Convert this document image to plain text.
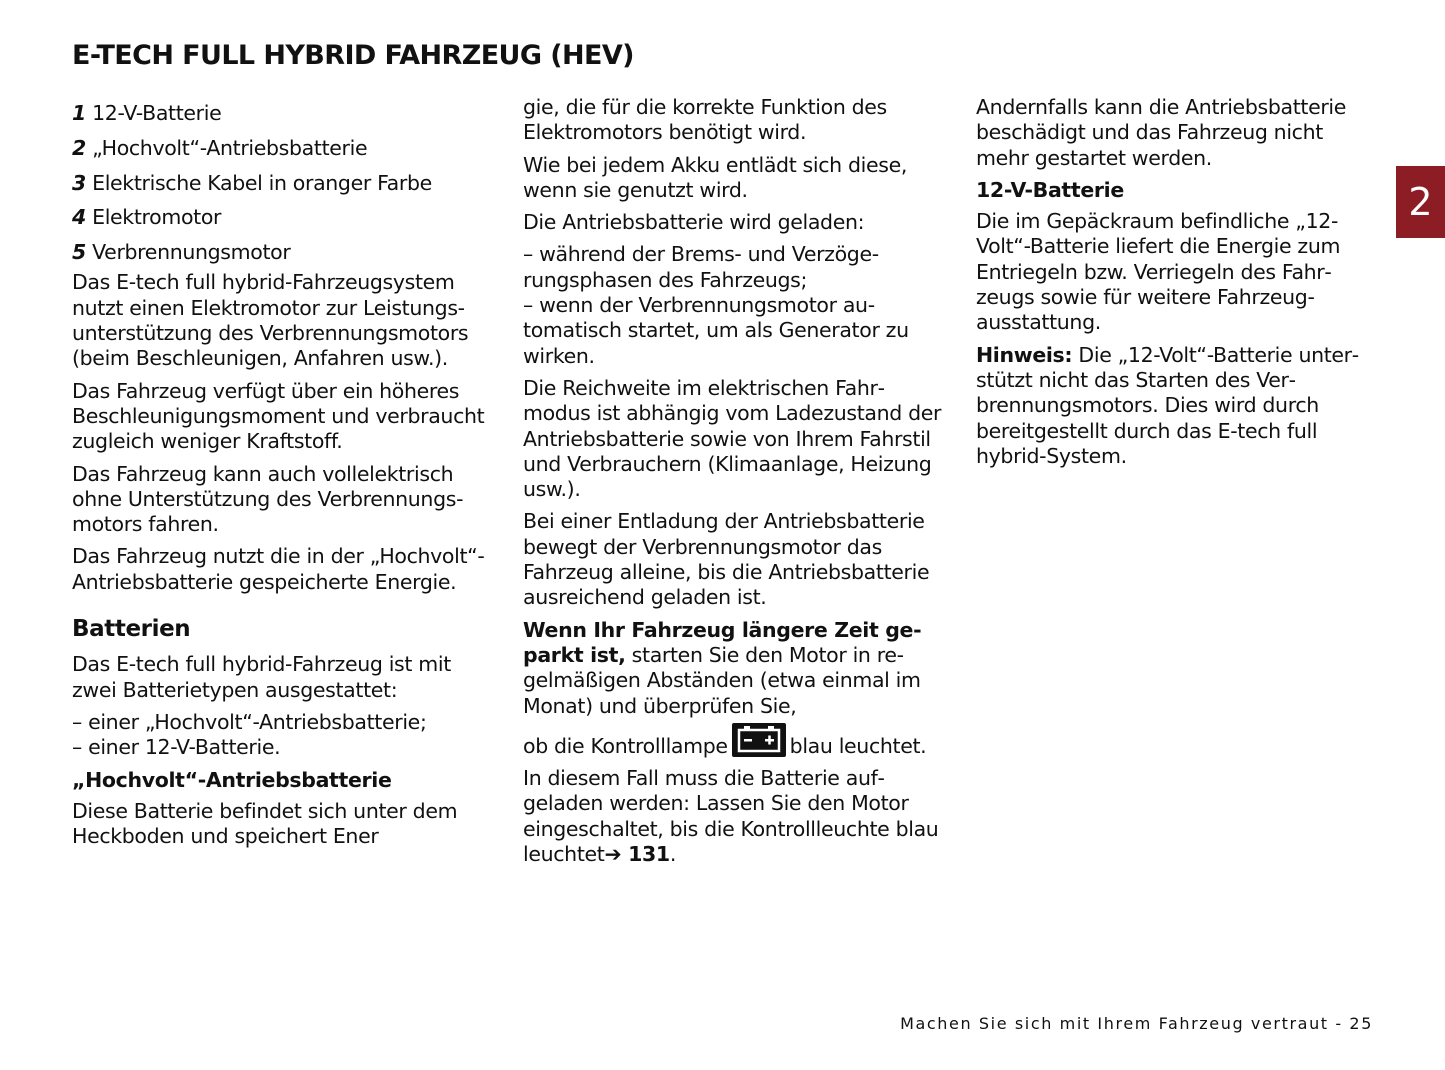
E-TECH FULL HYBRID FAHRZEUG (HEV)
2
1 12-V-Batterie
2 „Hochvolt“-Antriebsbatterie
3 Elektrische Kabel in oranger Farbe
4 Elektromotor
5 Verbrennungsmotor

Das E-tech full hybrid-Fahrzeugsystem nutzt einen Elektromotor zur Leistungsunterstützung des Verbrennungsmotors (beim Beschleunigen, Anfahren usw.).

Das Fahrzeug verfügt über ein höheres Beschleunigungsmoment und verbraucht zugleich weniger Kraftstoff.

Das Fahrzeug kann auch vollelektrisch ohne Unterstützung des Verbrennungsmotors fahren.

Das Fahrzeug nutzt die in der „Hochvolt“-Antriebsbatterie gespeicherte Energie.

Batterien

Das E-tech full hybrid-Fahrzeug ist mit zwei Batterietypen ausgestattet:

– einer „Hochvolt“-Antriebsbatterie;

– einer 12-V-Batterie.

„Hochvolt“-Antriebsbatterie

Diese Batterie befindet sich unter dem Heckboden und speichert Ener

gie, die für die korrekte Funktion des Elektromotors benötigt wird.

Wie bei jedem Akku entlädt sich diese, wenn sie genutzt wird.

Die Antriebsbatterie wird geladen:

– während der Brems- und Verzögerungsphasen des Fahrzeugs;

– wenn der Verbrennungsmotor automatisch startet, um als Generator zu wirken.

Die Reichweite im elektrischen Fahrmodus ist abhängig vom Ladezustand der Antriebsbatterie sowie von Ihrem Fahrstil und Verbrauchern (Klimaanlage, Heizung usw.).

Bei einer Entladung der Antriebsbatterie bewegt der Verbrennungsmotor das Fahrzeug alleine, bis die Antriebsbatterie ausreichend geladen ist.

Wenn Ihr Fahrzeug längere Zeit geparkt ist, starten Sie den Motor in regelmäßigen Abständen (etwa einmal im Monat) und überprüfen Sie,

ob die Kontrolllampe	blau leuchtet.

In diesem Fall muss die Batterie aufgeladen werden: Lassen Sie den Motor eingeschaltet, bis die Kontrollleuchte blau leuchtet➔ 131.

Andernfalls kann die Antriebsbatterie beschädigt und das Fahrzeug nicht mehr gestartet werden.

12-V-Batterie

Die im Gepäckraum befindliche „12-Volt“-Batterie liefert die Energie zum Entriegeln bzw. Verriegeln des Fahrzeugs sowie für weitere Fahrzeugausstattung.

Hinweis: Die „12-Volt“-Batterie unterstützt nicht das Starten des Verbrennungsmotors. Dies wird durch bereitgestellt durch das E-tech full hybrid-System.

Machen Sie sich mit Ihrem Fahrzeug vertraut - 25
